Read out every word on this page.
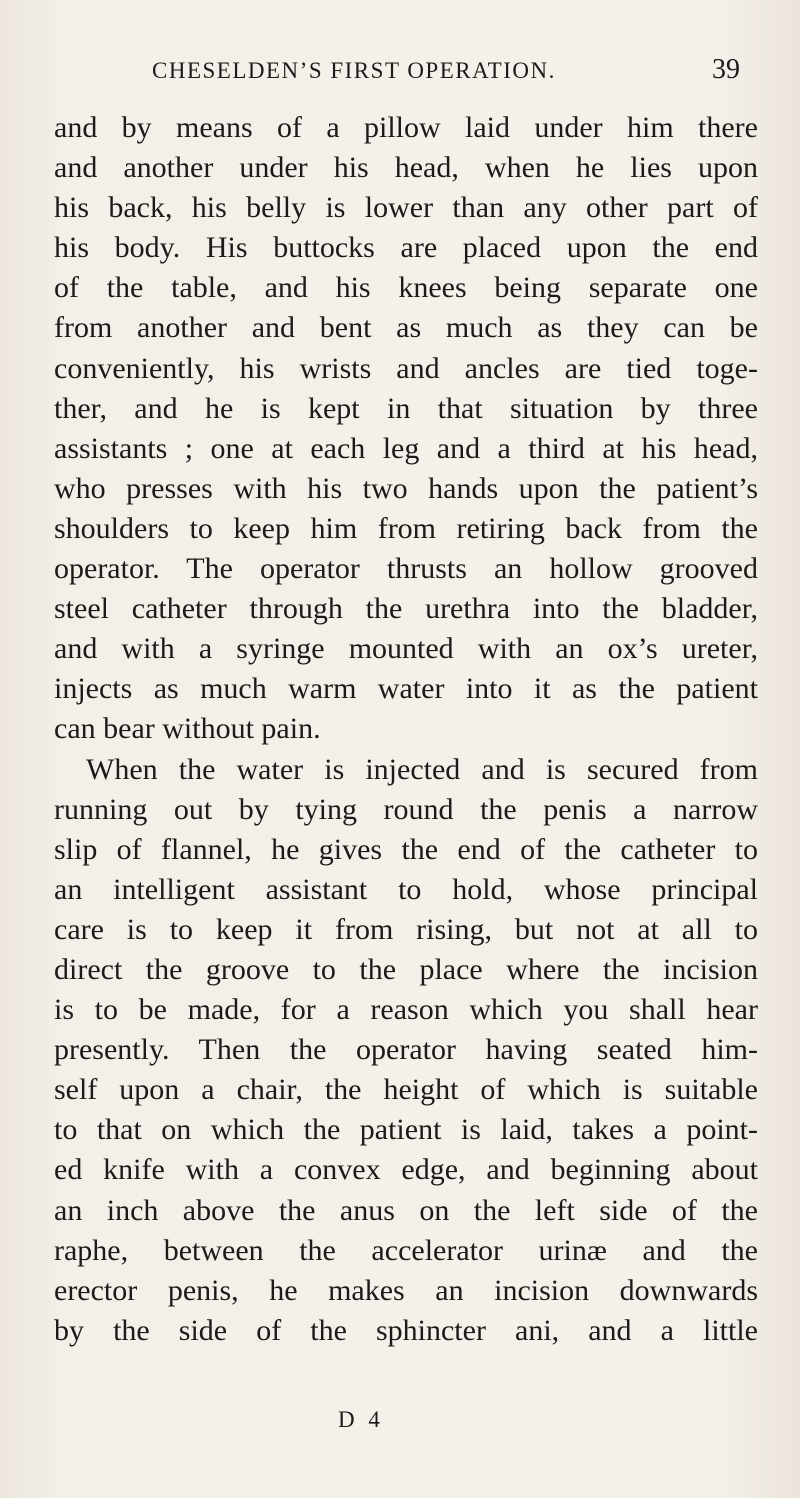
CHESELDEN’S FIRST OPERATION.	39
and by means of a pillow laid under him there
and another under his head, when he lies upon
his back, his belly is lower than any other part of
his body. His buttocks are placed upon the end
of the table, and his knees being separate one
from another and bent as much as they can be
conveniently, his wrists and ancles are tied toge-
ther, and he is kept in that situation by three
assistants ; one at each leg and a third at his head,
who presses with his two hands upon the patient’s
shoulders to keep him from retiring back from the
operator. The operator thrusts an hollow grooved
steel catheter through the urethra into the bladder,
and with a syringe mounted with an ox’s ureter,
injects as much warm water into it as the patient
can bear without pain.
When the water is injected and is secured from
running out by tying round the penis a narrow
slip of flannel, he gives the end of the catheter to
an intelligent assistant to hold, whose principal
care is to keep it from rising, but not at all to
direct the groove to the place where the incision
is to be made, for a reason which you shall hear
presently. Then the operator having seated him-
self upon a chair, the height of which is suitable
to that on which the patient is laid, takes a point-
ed knife with a convex edge, and beginning about
an inch above the anus on the left side of the
raphe, between the accelerator urinæ and the
erector penis, he makes an incision downwards
by the side of the sphincter ani, and a little
D 4
